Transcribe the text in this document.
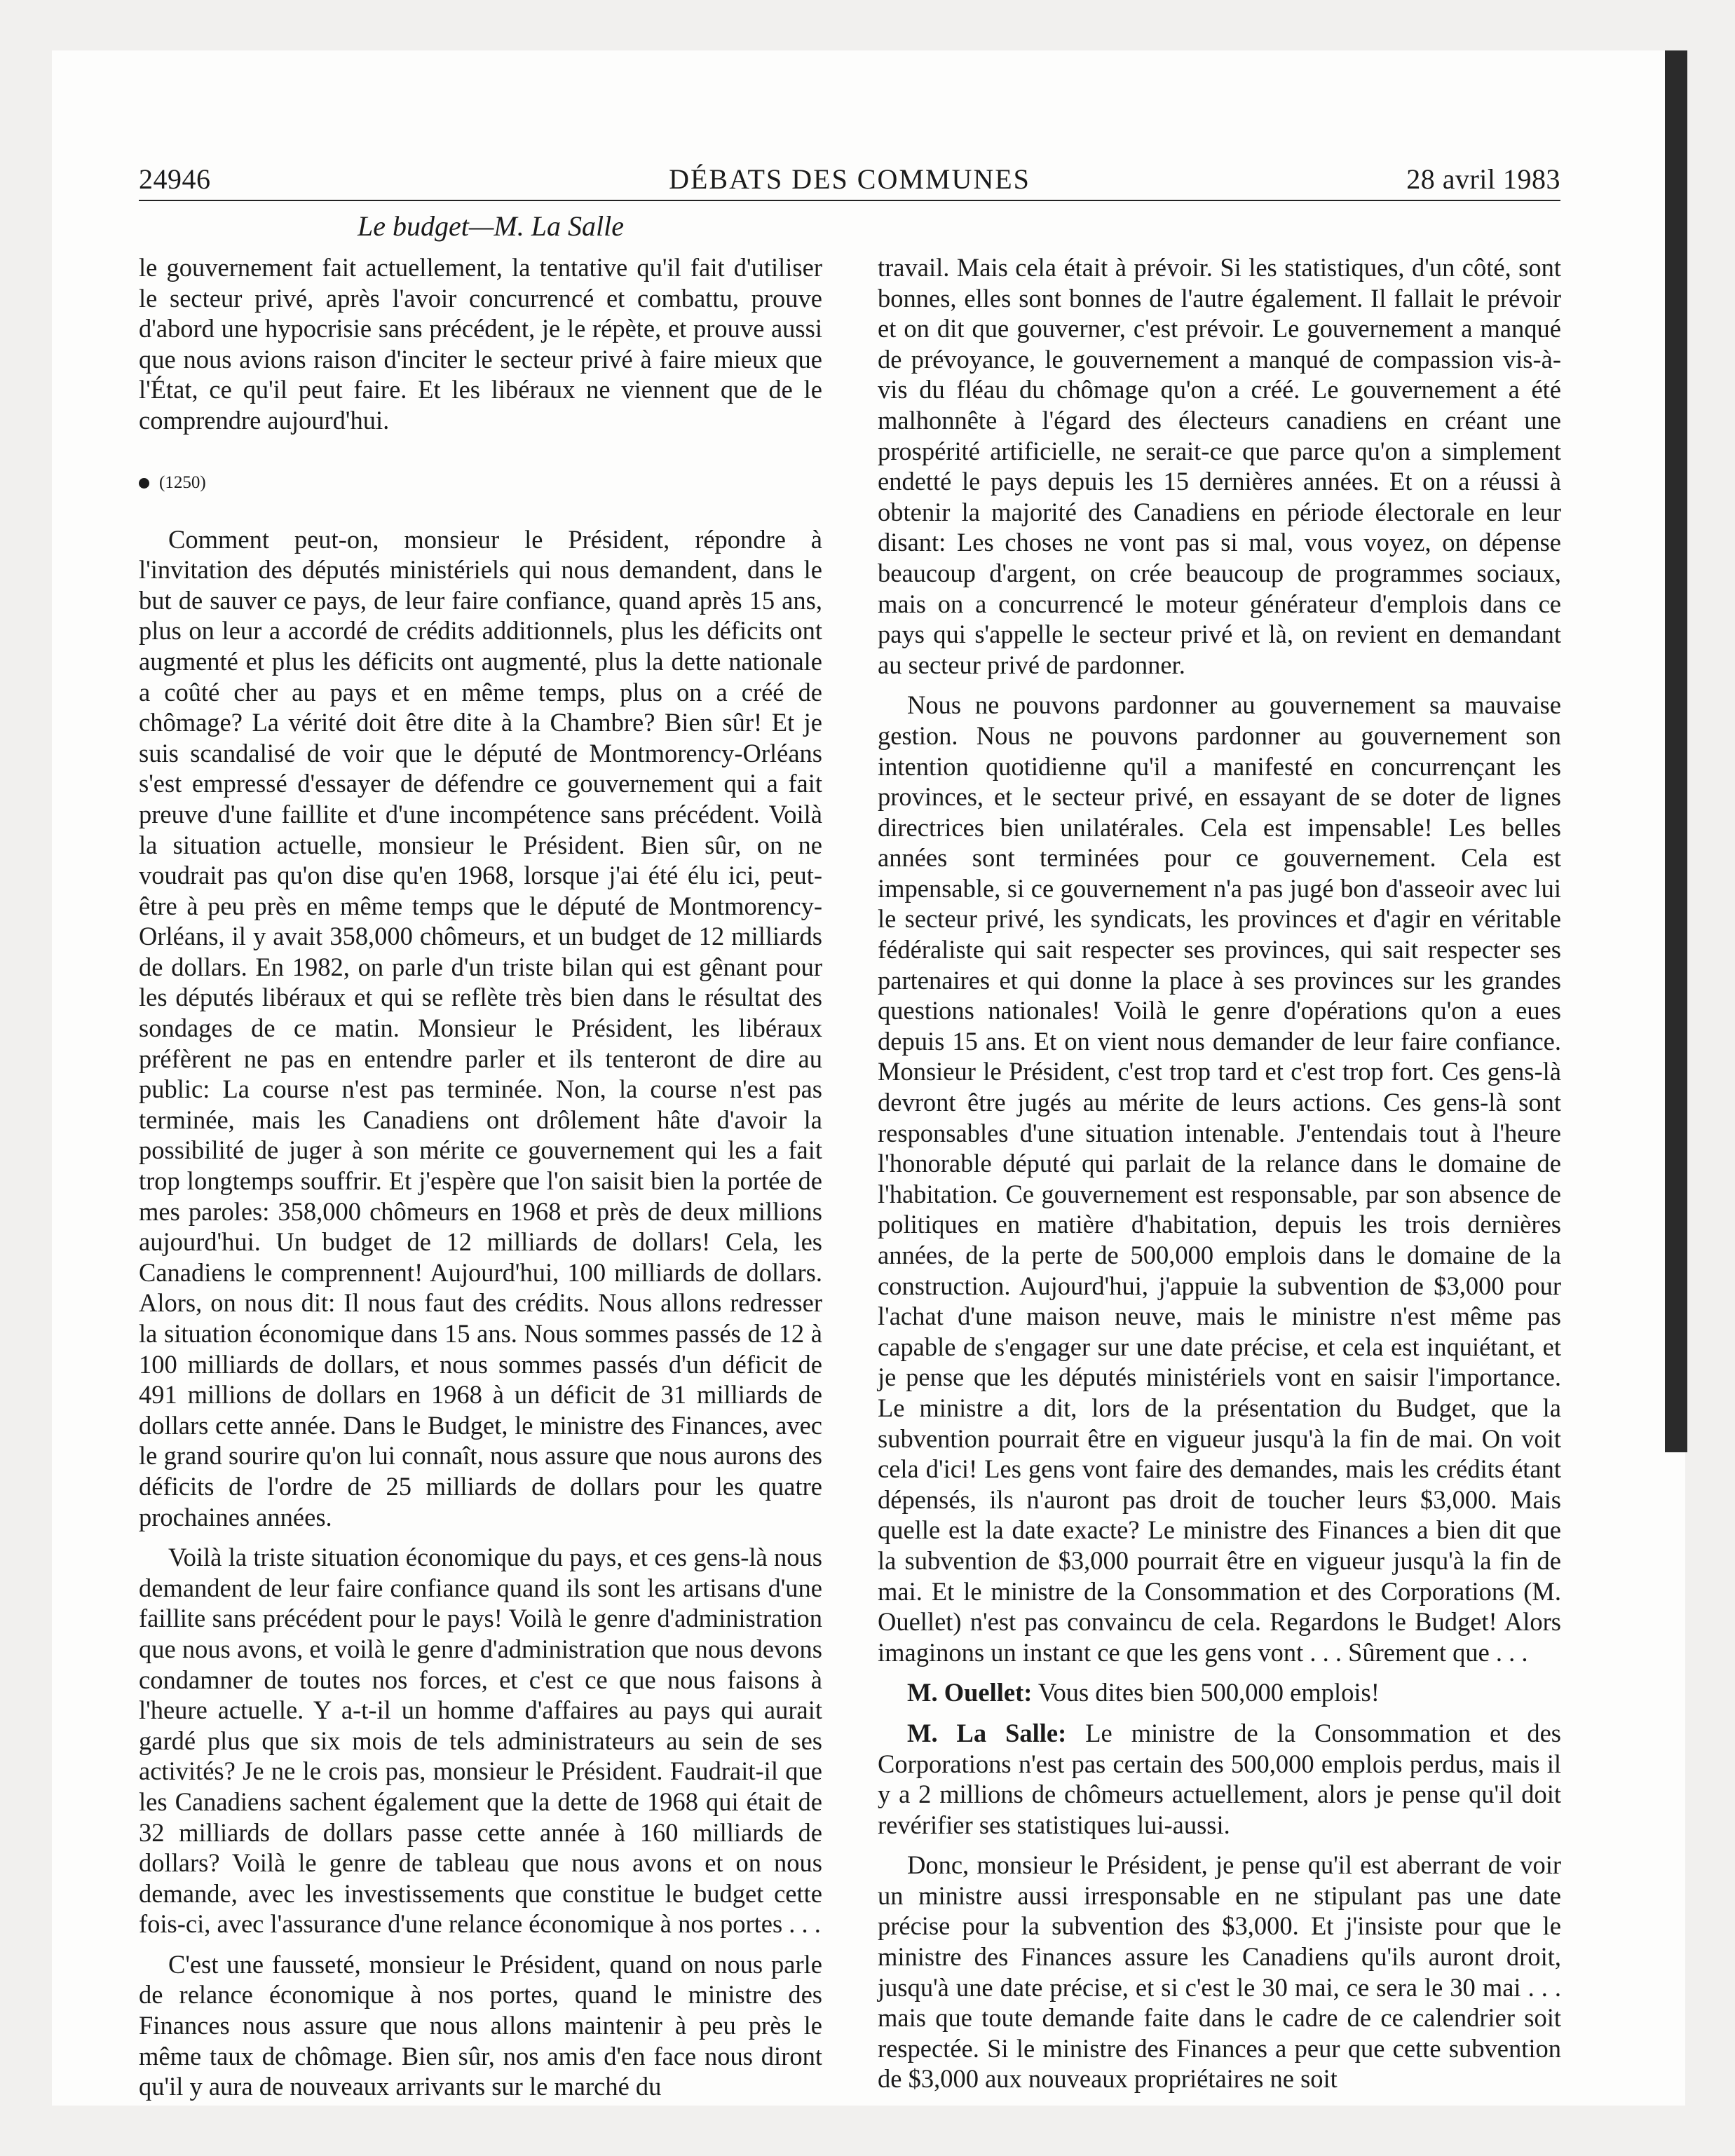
24946	DÉBATS DES COMMUNES	28 avril 1983
Le budget—M. La Salle

le gouvernement fait actuellement, la tentative qu'il fait d'utiliser le secteur privé, après l'avoir concurrencé et combattu, prouve d'abord une hypocrisie sans précédent, je le répète, et prouve aussi que nous avions raison d'inciter le secteur privé à faire mieux que l'État, ce qu'il peut faire. Et les libéraux ne viennent que de le comprendre aujourd'hui.

(1250)

Comment peut-on, monsieur le Président, répondre à l'invitation des députés ministériels qui nous demandent, dans le but de sauver ce pays, de leur faire confiance, quand après 15 ans, plus on leur a accordé de crédits additionnels, plus les déficits ont augmenté et plus les déficits ont augmenté, plus la dette nationale a coûté cher au pays et en même temps, plus on a créé de chômage? La vérité doit être dite à la Chambre? Bien sûr! Et je suis scandalisé de voir que le député de Montmorency-Orléans s'est empressé d'essayer de défendre ce gouvernement qui a fait preuve d'une faillite et d'une incompétence sans précédent. Voilà la situation actuelle, monsieur le Président. Bien sûr, on ne voudrait pas qu'on dise qu'en 1968, lorsque j'ai été élu ici, peut-être à peu près en même temps que le député de Montmorency-Orléans, il y avait 358,000 chômeurs, et un budget de 12 milliards de dollars. En 1982, on parle d'un triste bilan qui est gênant pour les députés libéraux et qui se reflète très bien dans le résultat des sondages de ce matin. Monsieur le Président, les libéraux préfèrent ne pas en entendre parler et ils tenteront de dire au public: La course n'est pas terminée. Non, la course n'est pas terminée, mais les Canadiens ont drôlement hâte d'avoir la possibilité de juger à son mérite ce gouvernement qui les a fait trop longtemps souffrir. Et j'espère que l'on saisit bien la portée de mes paroles: 358,000 chômeurs en 1968 et près de deux millions aujourd'hui. Un budget de 12 milliards de dollars! Cela, les Canadiens le comprennent! Aujourd'hui, 100 milliards de dollars. Alors, on nous dit: Il nous faut des crédits. Nous allons redresser la situation économique dans 15 ans. Nous sommes passés de 12 à 100 milliards de dollars, et nous sommes passés d'un déficit de 491 millions de dollars en 1968 à un déficit de 31 milliards de dollars cette année. Dans le Budget, le ministre des Finances, avec le grand sourire qu'on lui connaît, nous assure que nous aurons des déficits de l'ordre de 25 milliards de dollars pour les quatre prochaines années.

Voilà la triste situation économique du pays, et ces gens-là nous demandent de leur faire confiance quand ils sont les artisans d'une faillite sans précédent pour le pays! Voilà le genre d'administration que nous avons, et voilà le genre d'administration que nous devons condamner de toutes nos forces, et c'est ce que nous faisons à l'heure actuelle. Y a-t-il un homme d'affaires au pays qui aurait gardé plus que six mois de tels administrateurs au sein de ses activités? Je ne le crois pas, monsieur le Président. Faudrait-il que les Canadiens sachent également que la dette de 1968 qui était de 32 milliards de dollars passe cette année à 160 milliards de dollars? Voilà le genre de tableau que nous avons et on nous demande, avec les investissements que constitue le budget cette fois-ci, avec l'assurance d'une relance économique à nos portes . . .

C'est une fausseté, monsieur le Président, quand on nous parle de relance économique à nos portes, quand le ministre des Finances nous assure que nous allons maintenir à peu près le même taux de chômage. Bien sûr, nos amis d'en face nous diront qu'il y aura de nouveaux arrivants sur le marché du

travail. Mais cela était à prévoir. Si les statistiques, d'un côté, sont bonnes, elles sont bonnes de l'autre également. Il fallait le prévoir et on dit que gouverner, c'est prévoir. Le gouvernement a manqué de prévoyance, le gouvernement a manqué de compassion vis-à-vis du fléau du chômage qu'on a créé. Le gouvernement a été malhonnête à l'égard des électeurs canadiens en créant une prospérité artificielle, ne serait-ce que parce qu'on a simplement endetté le pays depuis les 15 dernières années. Et on a réussi à obtenir la majorité des Canadiens en période électorale en leur disant: Les choses ne vont pas si mal, vous voyez, on dépense beaucoup d'argent, on crée beaucoup de programmes sociaux, mais on a concurrencé le moteur générateur d'emplois dans ce pays qui s'appelle le secteur privé et là, on revient en demandant au secteur privé de pardonner.

Nous ne pouvons pardonner au gouvernement sa mauvaise gestion. Nous ne pouvons pardonner au gouvernement son intention quotidienne qu'il a manifesté en concurrençant les provinces, et le secteur privé, en essayant de se doter de lignes directrices bien unilatérales. Cela est impensable! Les belles années sont terminées pour ce gouvernement. Cela est impensable, si ce gouvernement n'a pas jugé bon d'asseoir avec lui le secteur privé, les syndicats, les provinces et d'agir en véritable fédéraliste qui sait respecter ses provinces, qui sait respecter ses partenaires et qui donne la place à ses provinces sur les grandes questions nationales! Voilà le genre d'opérations qu'on a eues depuis 15 ans. Et on vient nous demander de leur faire confiance. Monsieur le Président, c'est trop tard et c'est trop fort. Ces gens-là devront être jugés au mérite de leurs actions. Ces gens-là sont responsables d'une situation intenable. J'entendais tout à l'heure l'honorable député qui parlait de la relance dans le domaine de l'habitation. Ce gouvernement est responsable, par son absence de politiques en matière d'habitation, depuis les trois dernières années, de la perte de 500,000 emplois dans le domaine de la construction. Aujourd'hui, j'appuie la subvention de $3,000 pour l'achat d'une maison neuve, mais le ministre n'est même pas capable de s'engager sur une date précise, et cela est inquiétant, et je pense que les députés ministériels vont en saisir l'importance. Le ministre a dit, lors de la présentation du Budget, que la subvention pourrait être en vigueur jusqu'à la fin de mai. On voit cela d'ici! Les gens vont faire des demandes, mais les crédits étant dépensés, ils n'auront pas droit de toucher leurs $3,000. Mais quelle est la date exacte? Le ministre des Finances a bien dit que la subvention de $3,000 pourrait être en vigueur jusqu'à la fin de mai. Et le ministre de la Consommation et des Corporations (M. Ouellet) n'est pas convaincu de cela. Regardons le Budget! Alors imaginons un instant ce que les gens vont . . . Sûrement que . . .

M. Ouellet: Vous dites bien 500,000 emplois!

M. La Salle: Le ministre de la Consommation et des Corporations n'est pas certain des 500,000 emplois perdus, mais il y a 2 millions de chômeurs actuellement, alors je pense qu'il doit revérifier ses statistiques lui-aussi.

Donc, monsieur le Président, je pense qu'il est aberrant de voir un ministre aussi irresponsable en ne stipulant pas une date précise pour la subvention des $3,000. Et j'insiste pour que le ministre des Finances assure les Canadiens qu'ils auront droit, jusqu'à une date précise, et si c'est le 30 mai, ce sera le 30 mai . . . mais que toute demande faite dans le cadre de ce calendrier soit respectée. Si le ministre des Finances a peur que cette subvention de $3,000 aux nouveaux propriétaires ne soit
